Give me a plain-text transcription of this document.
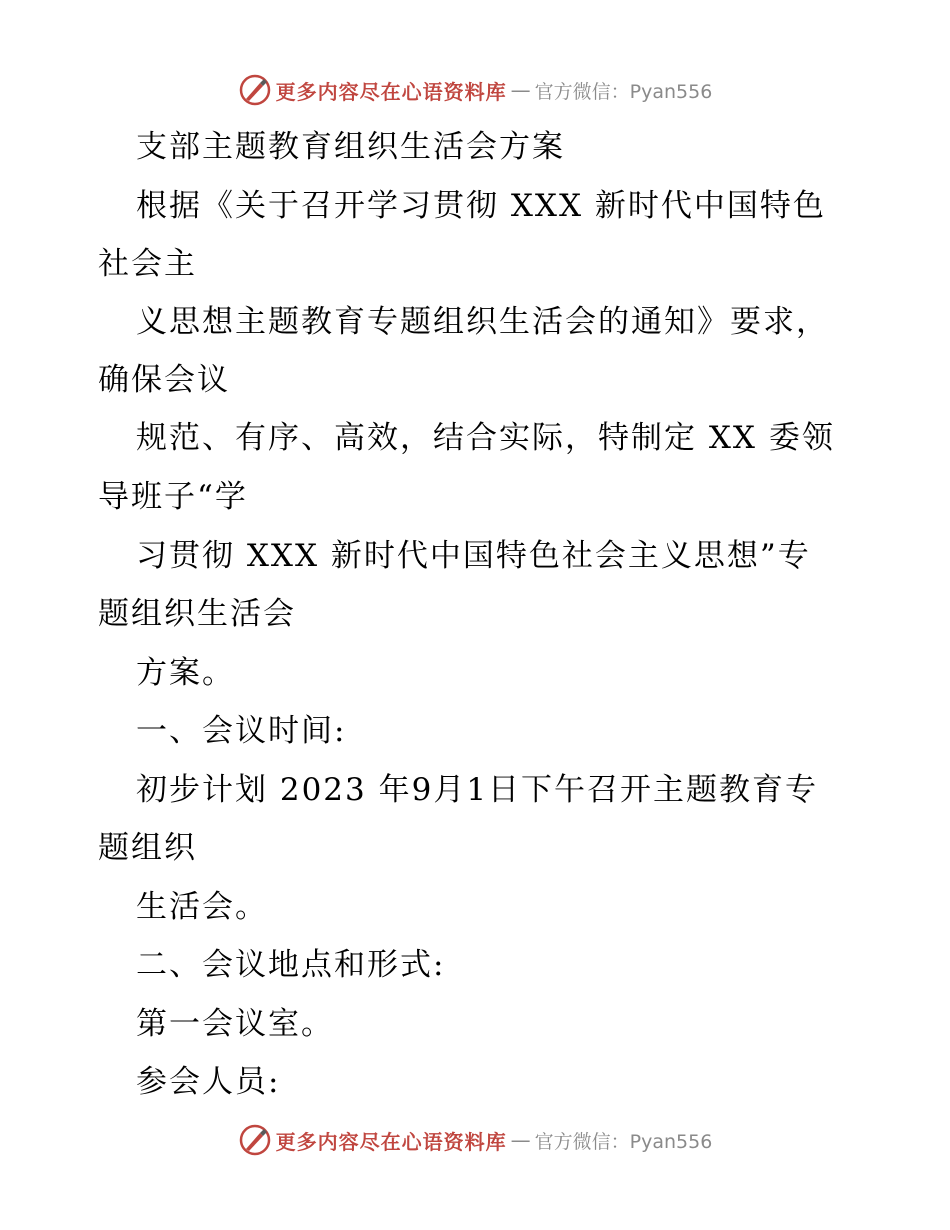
更多内容尽在心语资料库 — 官方微信：Pyan556
支部主题教育组织生活会方案
根据《关于召开学习贯彻 XXX 新时代中国特色
社会主
义思想主题教育专题组织生活会的通知》要求，
确保会议
规范、有序、高效，结合实际，特制定 XX 委领
导班子“学
习贯彻 XXX 新时代中国特色社会主义思想”专
题组织生活会
方案。
一、会议时间:
初步计划 2023 年9月1日下午召开主题教育专
题组织
生活会。
二、会议地点和形式:
第一会议室。
参会人员:
更多内容尽在心语资料库 — 官方微信：Pyan556
